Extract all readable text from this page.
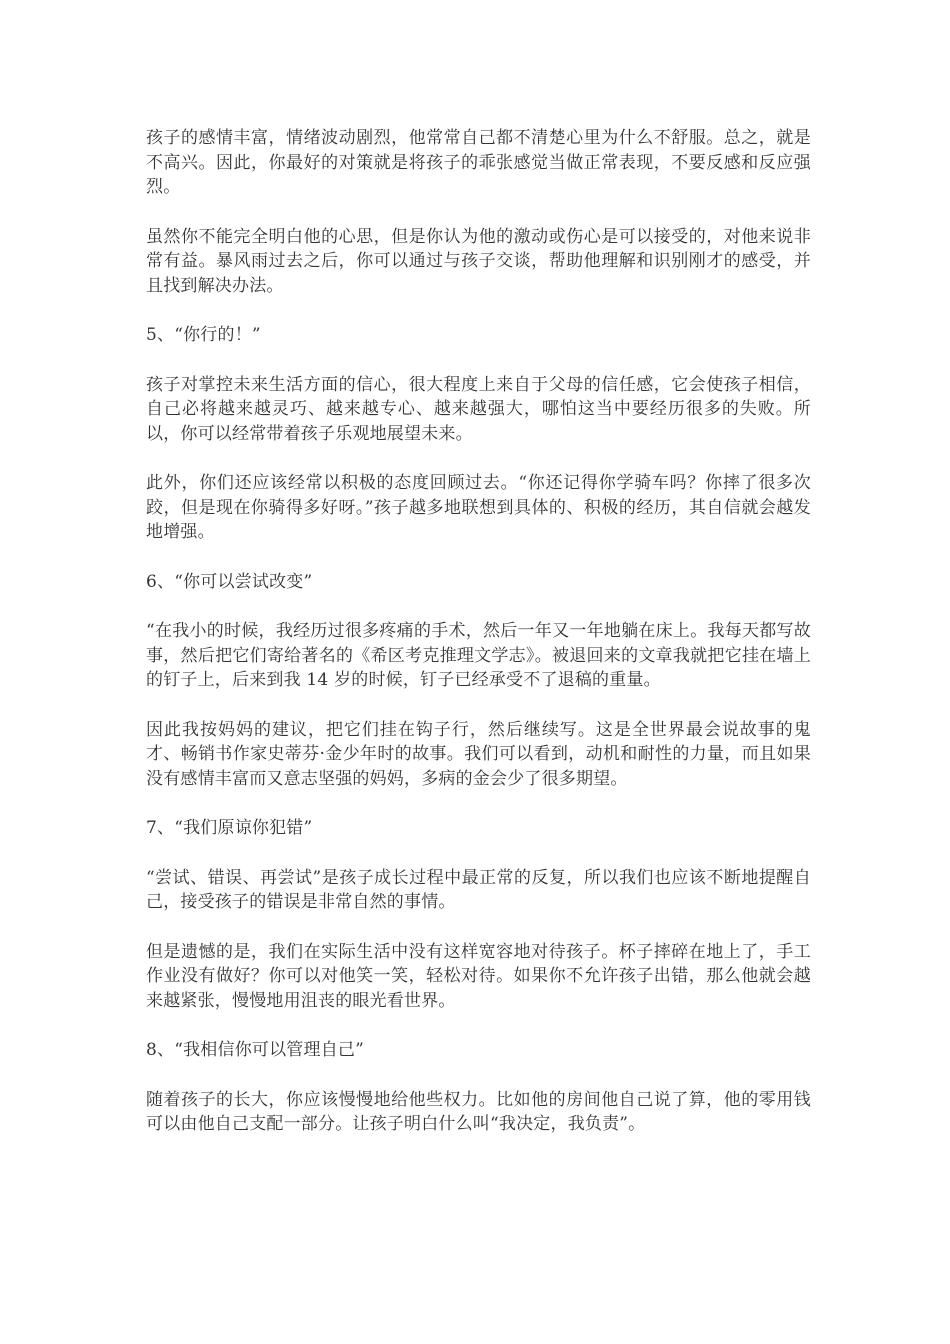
孩子的感情丰富，情绪波动剧烈，他常常自己都不清楚心里为什么不舒服。总之，就是不高兴。因此，你最好的对策就是将孩子的乖张感觉当做正常表现，不要反感和反应强烈。

虽然你不能完全明白他的心思，但是你认为他的激动或伤心是可以接受的，对他来说非常有益。暴风雨过去之后，你可以通过与孩子交谈，帮助他理解和识别刚才的感受，并且找到解决办法。

5、“你行的！”

孩子对掌控未来生活方面的信心，很大程度上来自于父母的信任感，它会使孩子相信，自己必将越来越灵巧、越来越专心、越来越强大，哪怕这当中要经历很多的失败。所以，你可以经常带着孩子乐观地展望未来。

此外，你们还应该经常以积极的态度回顾过去。“你还记得你学骑车吗？你摔了很多次跤，但是现在你骑得多好呀。”孩子越多地联想到具体的、积极的经历，其自信就会越发地增强。

6、“你可以尝试改变”

“在我小的时候，我经历过很多疼痛的手术，然后一年又一年地躺在床上。我每天都写故事，然后把它们寄给著名的《希区考克推理文学志》。被退回来的文章我就把它挂在墙上的钉子上，后来到我 14 岁的时候，钉子已经承受不了退稿的重量。

因此我按妈妈的建议，把它们挂在钩子行，然后继续写。这是全世界最会说故事的鬼才、畅销书作家史蒂芬·金少年时的故事。我们可以看到，动机和耐性的力量，而且如果没有感情丰富而又意志坚强的妈妈，多病的金会少了很多期望。

7、“我们原谅你犯错”

“尝试、错误、再尝试”是孩子成长过程中最正常的反复，所以我们也应该不断地提醒自己，接受孩子的错误是非常自然的事情。

但是遗憾的是，我们在实际生活中没有这样宽容地对待孩子。杯子摔碎在地上了，手工作业没有做好？你可以对他笑一笑，轻松对待。如果你不允许孩子出错，那么他就会越来越紧张，慢慢地用沮丧的眼光看世界。

8、“我相信你可以管理自己”

随着孩子的长大，你应该慢慢地给他些权力。比如他的房间他自己说了算，他的零用钱可以由他自己支配一部分。让孩子明白什么叫“我决定，我负责”。
